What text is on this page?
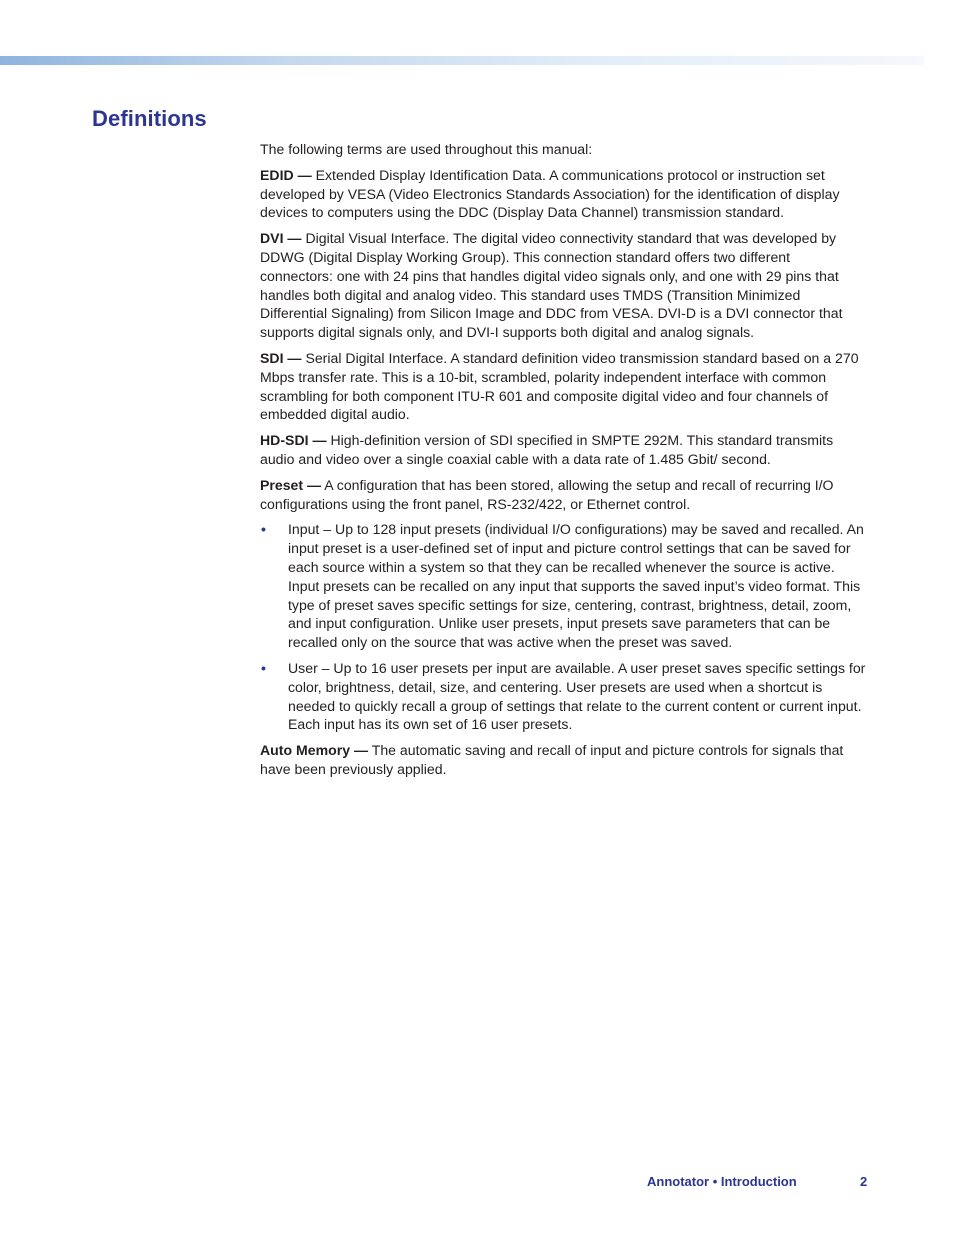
Definitions

The following terms are used throughout this manual:

EDID — Extended Display Identification Data. A communications protocol or instruction set developed by VESA (Video Electronics Standards Association) for the identification of display devices to computers using the DDC (Display Data Channel) transmission standard.

DVI — Digital Visual Interface. The digital video connectivity standard that was developed by DDWG (Digital Display Working Group). This connection standard offers two different connectors: one with 24 pins that handles digital video signals only, and one with 29 pins that handles both digital and analog video. This standard uses TMDS (Transition Minimized Differential Signaling) from Silicon Image and DDC from VESA. DVI-D is a DVI connector that supports digital signals only, and DVI-I supports both digital and analog signals.

SDI — Serial Digital Interface. A standard definition video transmission standard based on a 270 Mbps transfer rate. This is a 10-bit, scrambled, polarity independent interface with common scrambling for both component ITU-R 601 and composite digital video and four channels of embedded digital audio.

HD-SDI — High-definition version of SDI specified in SMPTE 292M. This standard transmits audio and video over a single coaxial cable with a data rate of 1.485 Gbit/ second.

Preset — A configuration that has been stored, allowing the setup and recall of recurring I/O configurations using the front panel, RS-232/422, or Ethernet control.

• Input – Up to 128 input presets (individual I/O configurations) may be saved and recalled. An input preset is a user-defined set of input and picture control settings that can be saved for each source within a system so that they can be recalled whenever the source is active. Input presets can be recalled on any input that supports the saved input’s video format. This type of preset saves specific settings for size, centering, contrast, brightness, detail, zoom, and input configuration. Unlike user presets, input presets save parameters that can be recalled only on the source that was active when the preset was saved.
• User – Up to 16 user presets per input are available. A user preset saves specific settings for color, brightness, detail, size, and centering. User presets are used when a shortcut is needed to quickly recall a group of settings that relate to the current content or current input. Each input has its own set of 16 user presets.

Auto Memory — The automatic saving and recall of input and picture controls for signals that have been previously applied.

Annotator • Introduction	2
